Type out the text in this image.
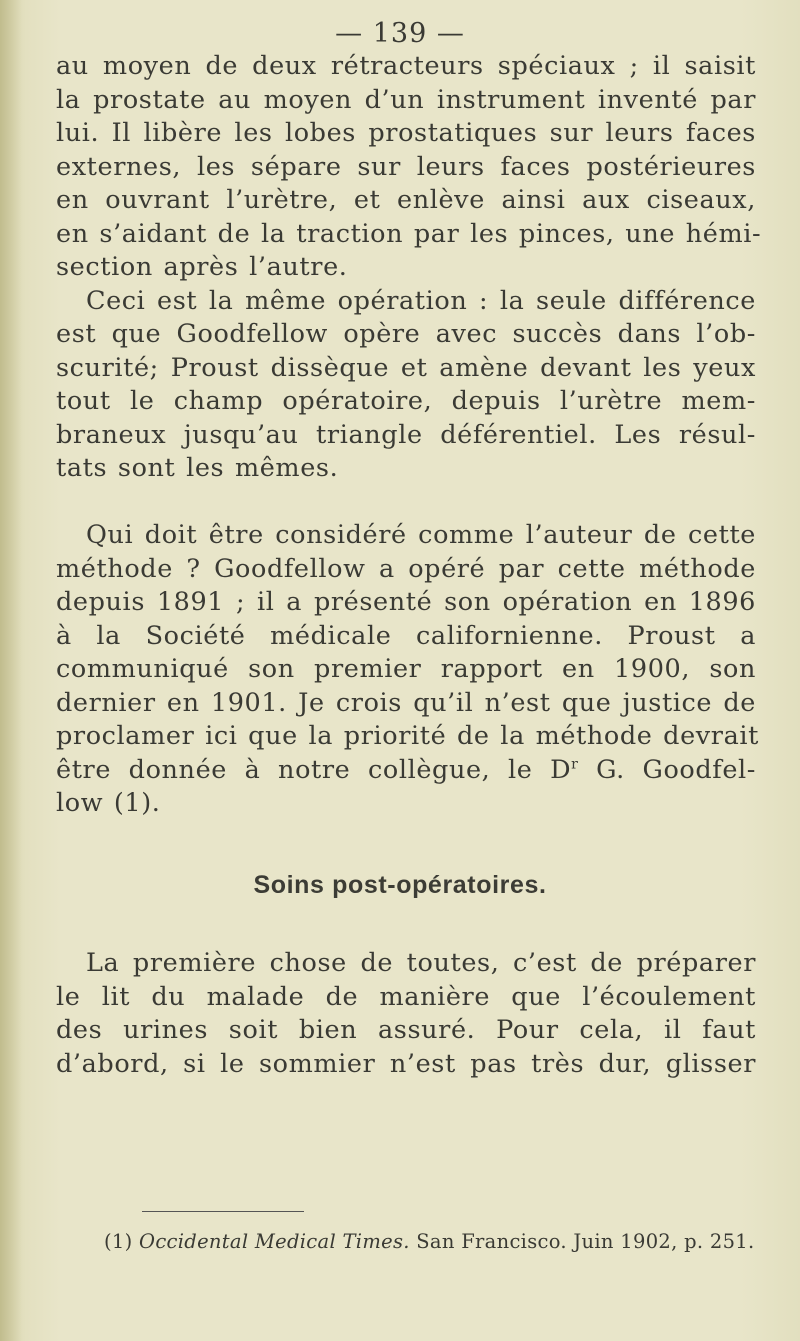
— 139 —
au moyen de deux rétracteurs spéciaux ; il saisit
la prostate au moyen d’un instrument inventé par
lui. Il libère les lobes prostatiques sur leurs faces
externes, les sépare sur leurs faces postérieures
en ouvrant l’urètre, et enlève ainsi aux ciseaux,
en s’aidant de la traction par les pinces, une hémi-
section après l’autre.
Ceci est la même opération : la seule différence
est que Goodfellow opère avec succès dans l’ob-
scurité; Proust dissèque et amène devant les yeux
tout le champ opératoire, depuis l’urètre mem-
braneux jusqu’au triangle déférentiel. Les résul-
tats sont les mêmes.
Qui doit être considéré comme l’auteur de cette
méthode ? Goodfellow a opéré par cette méthode
depuis 1891 ; il a présenté son opération en 1896
à la Société médicale californienne. Proust a
communiqué son premier rapport en 1900, son
dernier en 1901. Je crois qu’il n’est que justice de
proclamer ici que la priorité de la méthode devrait
être donnée à notre collègue, le $D^r$ G. Goodfel-
low (1).
Soins post-opératoires.
La première chose de toutes, c’est de préparer
le lit du malade de manière que l’écoulement
des urines soit bien assuré. Pour cela, il faut
d’abord, si le sommier n’est pas très dur, glisser
(1) Occidental Medical Times. San Francisco. Juin 1902, p. 251.
